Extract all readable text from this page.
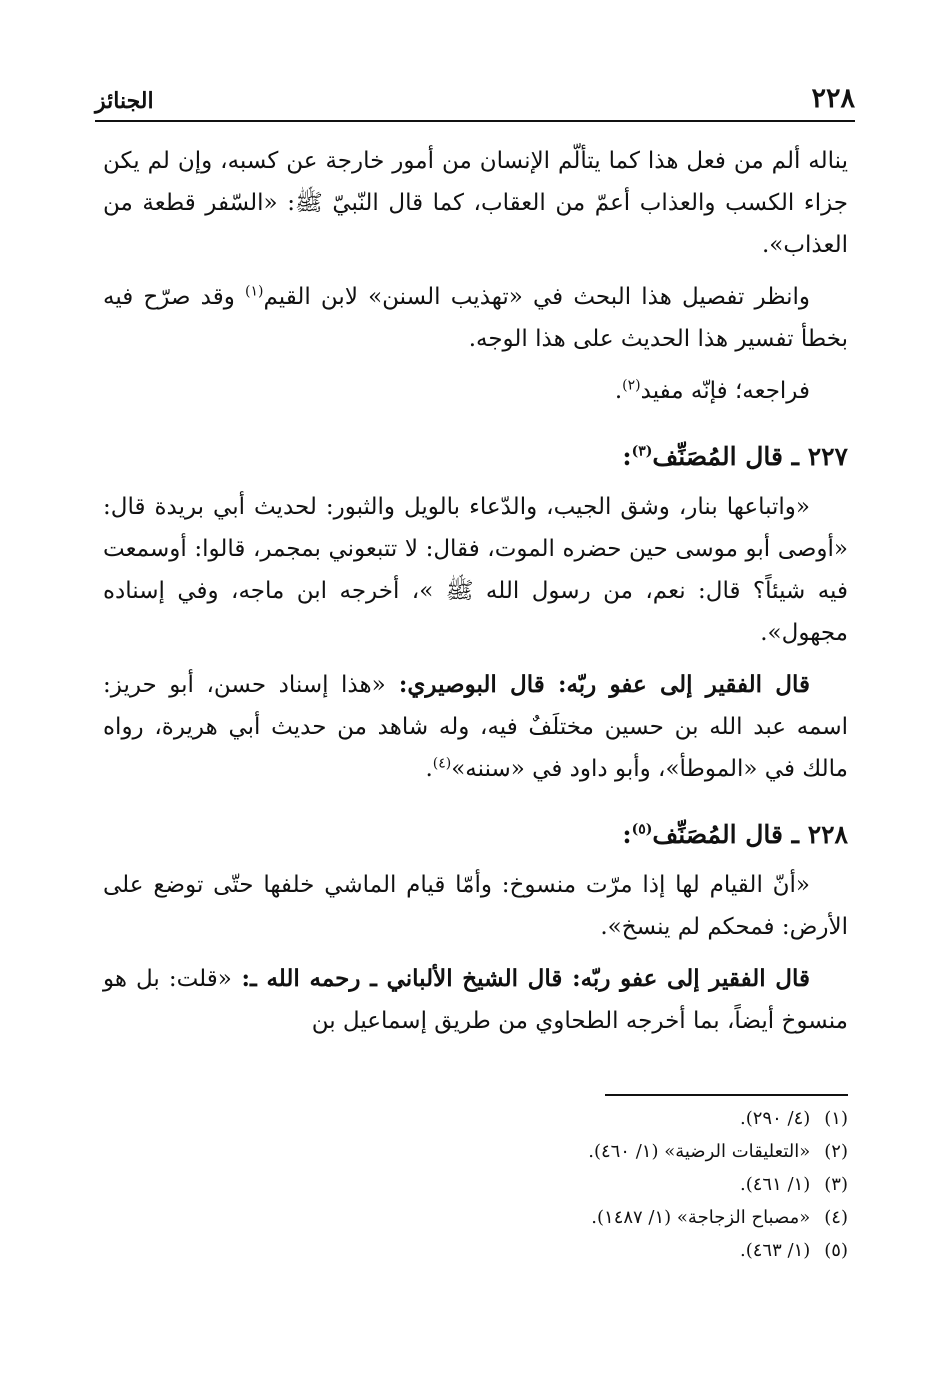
٢٢٨
الجنائز

يناله ألم من فعل هذا كما يتألّم الإنسان من أمور خارجة عن كسبه، وإن لم يكن جزاء الكسب والعذاب أعمّ من العقاب، كما قال النّبيّ ﷺ: «السّفر قطعة من العذاب».

وانظر تفصيل هذا البحث في «تهذيب السنن» لابن القيم$^{(١)}$ وقد صرّح فيه بخطأ تفسير هذا الحديث على هذا الوجه.

فراجعه؛ فإنّه مفيد$^{(٢)}$.

٢٢٧ ـ قال المُصَنِّف$^{(٣)}$:

«واتباعها بنار، وشق الجيب، والدّعاء بالويل والثبور: لحديث أبي بريدة قال: «أوصى أبو موسى حين حضره الموت، فقال: لا تتبعوني بمجمر، قالوا: أوسمعت فيه شيئاً؟ قال: نعم، من رسول الله ﷺ »، أخرجه ابن ماجه، وفي إسناده مجهول».

قال الفقير إلى عفو ربّه: قال البوصيري: «هذا إسناد حسن، أبو حريز: اسمه عبد الله بن حسين مختلَفٌ فيه، وله شاهد من حديث أبي هريرة، رواه مالك في «الموطأ»، وأبو داود في «سننه»$^{(٤)}$.

٢٢٨ ـ قال المُصَنِّف$^{(٥)}$:

«أنّ القيام لها إذا مرّت منسوخ: وأمّا قيام الماشي خلفها حتّى توضع على الأرض: فمحكم لم ينسخ».

قال الفقير إلى عفو ربّه: قال الشيخ الألباني ـ رحمه الله ـ: «قلت: بل هو منسوخ أيضاً، بما أخرجه الطحاوي من طريق إسماعيل بن

(١) (٤/ ٢٩٠).
(٢) «التعليقات الرضية» (١/ ٤٦٠).
(٣) (١/ ٤٦١).
(٤) «مصباح الزجاجة» (١/ ١٤٨٧).
(٥) (١/ ٤٦٣).
